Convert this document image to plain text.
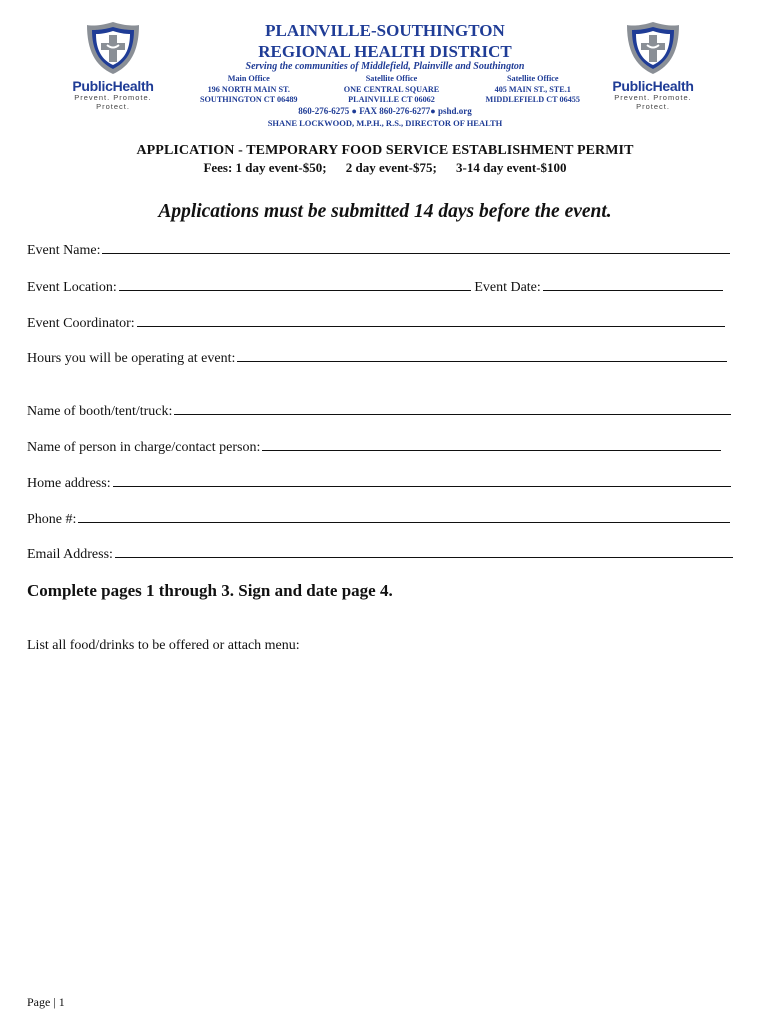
PublicHealth
Prevent. Promote. Protect.
PublicHealth
Prevent. Promote. Protect.
PLAINVILLE-SOUTHINGTON
REGIONAL HEALTH DISTRICT
Serving the communities of Middlefield, Plainville and Southington
Main Office
196 NORTH MAIN ST.
SOUTHINGTON CT 06489
Satellite Office
ONE CENTRAL SQUARE
PLAINVILLE CT 06062
Satellite Office
405 MAIN ST., STE.1
MIDDLEFIELD CT 06455
860-276-6275 ● FAX 860-276-6277● pshd.org
SHANE LOCKWOOD, M.P.H., R.S., DIRECTOR OF HEALTH
APPLICATION - TEMPORARY FOOD SERVICE ESTABLISHMENT PERMIT
Fees: 1 day event-$50; 2 day event-$75; 3-14 day event-$100
Applications must be submitted 14 days before the event.
Event Name:
Event Location:	Event Date:
Event Coordinator:
Hours you will be operating at event:
Name of booth/tent/truck:
Name of person in charge/contact person:
Home address:
Phone #:
Email Address:
Complete pages 1 through 3. Sign and date page 4.
List all food/drinks to be offered or attach menu:
Page | 1
